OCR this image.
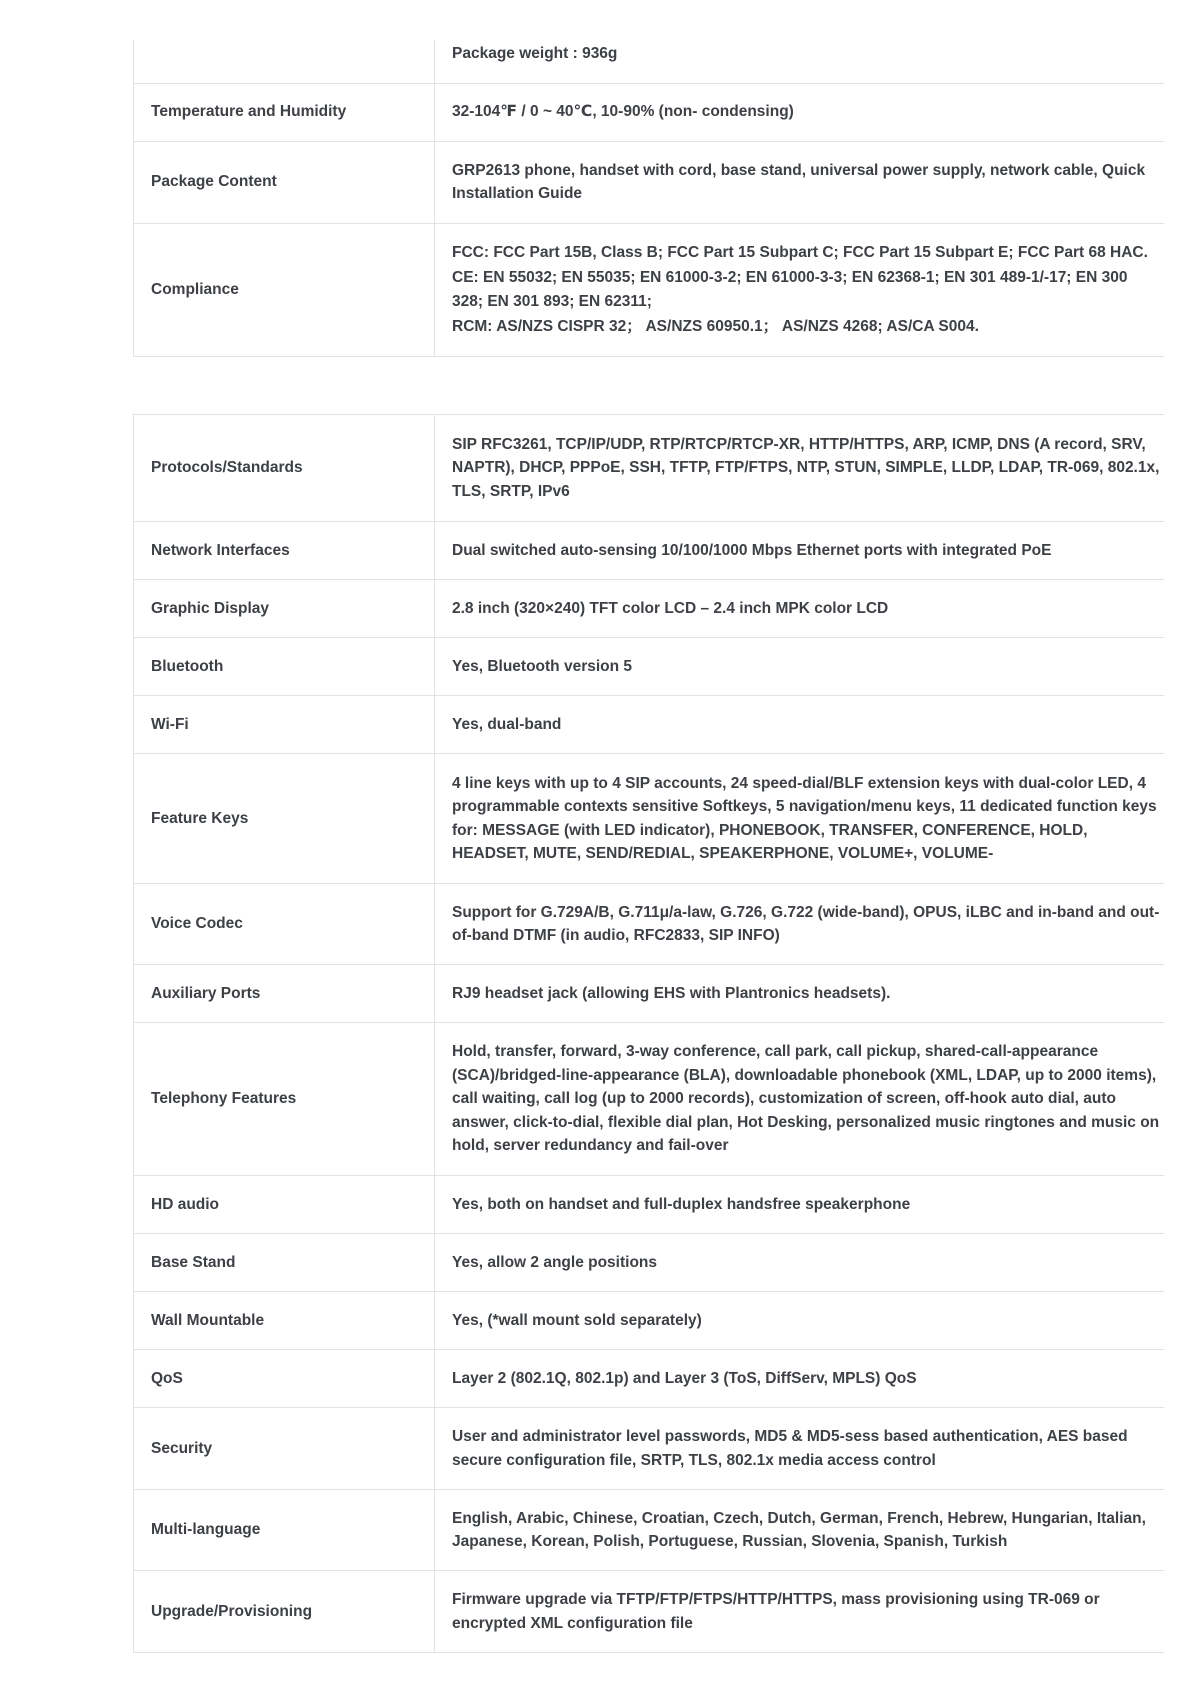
	Package weight : 936g

Temperature and Humidity	32-104℉ / 0 ~ 40℃, 10-90% (non- condensing)

Package Content	GRP2613 phone, handset with cord, base stand, universal power supply, network cable, Quick Installation Guide

Compliance	FCC: FCC Part 15B, Class B; FCC Part 15 Subpart C; FCC Part 15 Subpart E; FCC Part 68 HAC.
CE: EN 55032; EN 55035; EN 61000-3-2; EN 61000-3-3; EN 62368-1; EN 301 489-1/-17; EN 300 328; EN 301 893; EN 62311;
RCM: AS/NZS CISPR 32； AS/NZS 60950.1； AS/NZS 4268; AS/CA S004.
Protocols/Standards	SIP RFC3261, TCP/IP/UDP, RTP/RTCP/RTCP-XR, HTTP/HTTPS, ARP, ICMP, DNS (A record, SRV, NAPTR), DHCP, PPPoE, SSH, TFTP, FTP/FTPS, NTP, STUN, SIMPLE, LLDP, LDAP, TR-069, 802.1x, TLS, SRTP, IPv6

Network Interfaces	Dual switched auto-sensing 10/100/1000 Mbps Ethernet ports with integrated PoE

Graphic Display	2.8 inch (320×240) TFT color LCD – 2.4 inch MPK color LCD

Bluetooth	Yes, Bluetooth version 5

Wi-Fi	Yes, dual-band

Feature Keys	4 line keys with up to 4 SIP accounts, 24 speed-dial/BLF extension keys with dual-color LED, 4 programmable contexts sensitive Softkeys, 5 navigation/menu keys, 11 dedicated function keys for: MESSAGE (with LED indicator), PHONEBOOK, TRANSFER, CONFERENCE, HOLD, HEADSET, MUTE, SEND/REDIAL, SPEAKERPHONE, VOLUME+, VOLUME-

Voice Codec	Support for G.729A/B, G.711μ/a-law, G.726, G.722 (wide-band), OPUS, iLBC and in-band and out-of-band DTMF (in audio, RFC2833, SIP INFO)

Auxiliary Ports	RJ9 headset jack (allowing EHS with Plantronics headsets).

Telephony Features	Hold, transfer, forward, 3-way conference, call park, call pickup, shared-call-appearance (SCA)/bridged-line-appearance (BLA), downloadable phonebook (XML, LDAP, up to 2000 items), call waiting, call log (up to 2000 records), customization of screen, off-hook auto dial, auto answer, click-to-dial, flexible dial plan, Hot Desking, personalized music ringtones and music on hold, server redundancy and fail-over

HD audio	Yes, both on handset and full-duplex handsfree speakerphone

Base Stand	Yes, allow 2 angle positions

Wall Mountable	Yes, (*wall mount sold separately)

QoS	Layer 2 (802.1Q, 802.1p) and Layer 3 (ToS, DiffServ, MPLS) QoS

Security	User and administrator level passwords, MD5 & MD5-sess based authentication, AES based secure configuration file, SRTP, TLS, 802.1x media access control

Multi-language	English, Arabic, Chinese, Croatian, Czech, Dutch, German, French, Hebrew, Hungarian, Italian, Japanese, Korean, Polish, Portuguese, Russian, Slovenia, Spanish, Turkish

Upgrade/Provisioning	Firmware upgrade via TFTP/FTP/FTPS/HTTP/HTTPS, mass provisioning using TR-069 or encrypted XML configuration file
